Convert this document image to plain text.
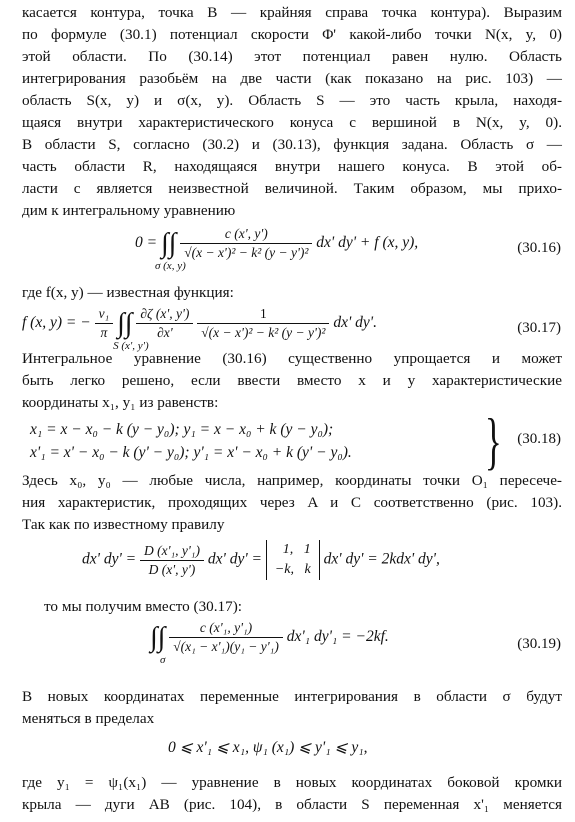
касается контура, точка B — крайняя справа точка контура). Выразим
по формуле (30.1) потенциал скорости Φ' какой-либо точки N(x, y, 0)
этой области. По (30.14) этот потенциал равен нулю. Область
интегрирования разобьём на две части (как показано на рис. 103) —
область S(x, y) и σ(x, y). Область S — это часть крыла, находя-
щаяся внутри характеристического конуса с вершиной в N(x, y, 0).
В области S, согласно (30.2) и (30.13), функция задана. Область σ —
часть области R, находящаяся внутри нашего конуса. В этой об-
ласти c является неизвестной величиной. Таким образом, мы прихо-
дим к интегральному уравнению
0 = ∫∫
σ (x, y)

$\frac{c (x', y')}{\text{√(x − x')² − k² (y − y')²}} dx'$ dy' + f (x, y),	(30.16)
где f(x, y) — известная функция:
f (x, y) = − $\frac{\text{v₁}}{\pi}$ ∫∫
S (x', y')

$\frac{\partial\zeta (x', y')}{\partial x'}$
$\frac{1}{\text{√(x − x')² − k² (y − y')²}} dx'$ dy'.	(30.17)
Интегральное уравнение (30.16) существенно упрощается и может
быть легко решено, если ввести вместо x и y характеристические
координаты x₁, y₁ из равенств:
x₁ = x − x₀ − k (y − y₀); y₁ = x − x₀ + k (y − y₀);
x'₁ = x' − x₀ − k (y' − y₀); y'₁ = x' − x₀ + k (y' − y₀). } (30.18)
Здесь x₀, y₀ — любые числа, например, координаты точки O₁ пересече-
ния характеристик, проходящих через A и C соответственно (рис. 103).
Так как по известному правилу
dx' $dy' = \frac{\text{D (x'₁, y'₁)}}{D (x', y')} dx'$ dy' = 1, 1
−k, k dx' dy' = 2kdx' dy',
то мы получим вместо (30.17):
∫∫
σ

$\frac{\text{c (x'₁, y'₁)}}{\text{√(x₁ − x'₁)(y₁ − y'₁)}} dx'_1$ dy'₁ = −2kf.	(30.19)
В новых координатах переменные интегрирования в области σ будут
меняться в пределах
0 ⩽ x'₁ ⩽ x₁, ψ₁ (x₁) ⩽ y'₁ ⩽ y₁,
где y₁ = ψ₁(x₁) — уравнение в новых координатах боковой кромки
крыла — дуги AB (рис. 104), в области S переменная x'₁ меняется
